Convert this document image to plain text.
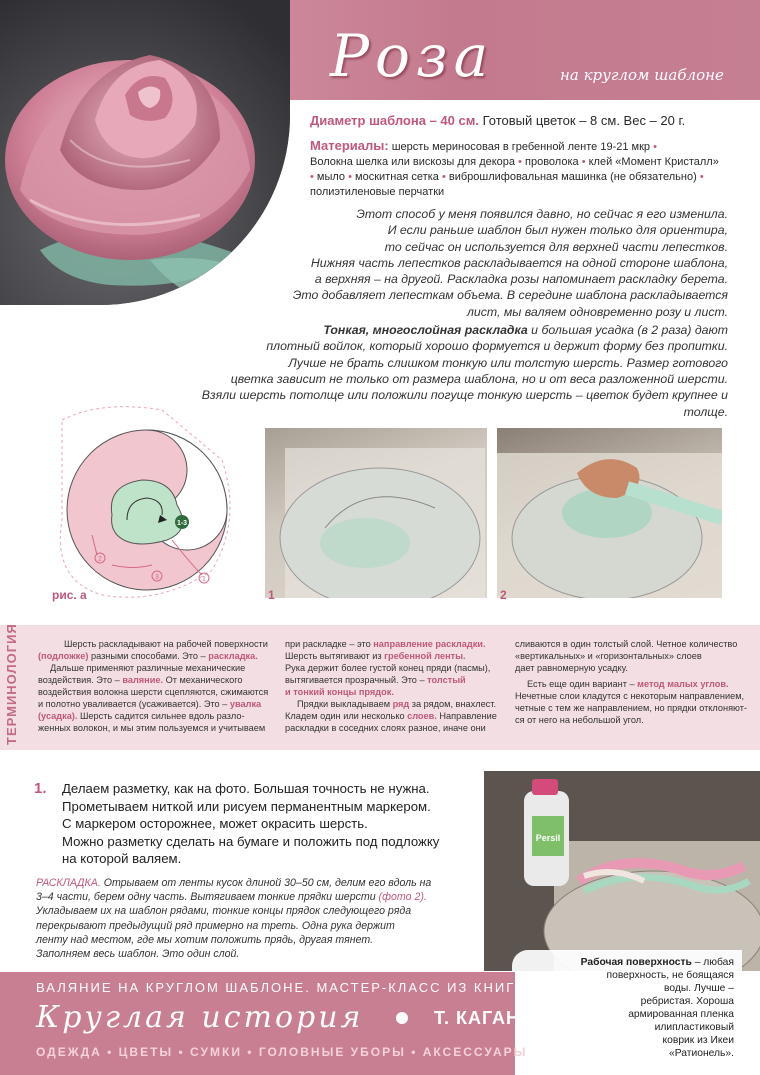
Роза	на круглом шаблоне
Диаметр шаблона – 40 см. Готовый цветок – 8 см. Вес – 20 г.
Материалы: шерсть мериносовая в гребенной ленте 19-21 мкр •
Волокна шелка или вискозы для декора • проволока • клей «Момент Кристалл»
• мыло • москитная сетка • виброшлифовальная машинка (не обязательно) •
полиэтиленовые перчатки

Этот способ у меня появился давно, но сейчас я его изменила.

И если раньше шаблон был нужен только для ориентира,

то сейчас он используется для верхней части лепестков.

Нижняя часть лепестков раскладывается на одной стороне шаблона,

а верхняя – на другой. Раскладка розы напоминает раскладку берета.

Это добавляет лепесткам объема. В середине шаблона раскладывается

лист, мы валяем одновременно розу и лист.

Тонкая, многослойная раскладка и большая усадка (в 2 раза) дают

плотный войлок, который хорошо формуется и держит форму без пропитки.

Лучше не брать слишком тонкую или толстую шерсть. Размер готового

цветка зависит не только от размера шаблона, но и от веса разложенной шерсти.

Взяли шерсть потолще или положили погуще тонкую шерсть – цветок будет крупнее и толще.

1-3
1
3
2
рис. а	1	2
ТЕРМИНОЛОГИЯ	Шерсть раскладывают на рабочей поверхности

(подложке) разными способами. Это – раскладка.

Дальше применяют различные механические

воздействия. Это – валяние. От механического

воздействия волокна шерсти сцепляются, сжимаются

и полотно уваливается (усаживается). Это – увалка

(усадка). Шерсть садится сильнее вдоль разло-

женных волокон, и мы этим пользуемся и учитываем

при раскладке – это направление раскладки.

Шерсть вытягивают из гребенной ленты.

Рука держит более густой конец пряди (пасмы),

вытягивается прозрачный. Это – толстый

и тонкий концы прядок.

Прядки выкладываем ряд за рядом, внахлест.

Кладем один или несколько слоев. Направление

раскладки в соседних слоях разное, иначе они

сливаются в один толстый слой. Четное количество

«вертикальных» и «горизонтальных» слоев

дает равномерную усадку.

Есть еще один вариант – метод малых углов.

Нечетные слои кладутся с некоторым направлением,

четные с тем же направлением, но прядки отклоняют-

ся от него на небольшой угол.

1. Делаем разметку, как на фото. Большая точность не нужна.

Прометываем ниткой или рисуем перманентным маркером.

С маркером осторожнее, может окрасить шерсть.

Можно разметку сделать на бумаге и положить под подложку

на которой валяем.

РАСКЛАДКА. Отрываем от ленты кусок длиной 30–50 см, делим его вдоль на

3–4 части, берем одну часть. Вытягиваем тонкие прядки шерсти (фото 2).

Укладываем их на шаблон рядами, тонкие концы прядок следующего ряда

перекрывают предыдущий ряд примерно на треть. Одна рука держит

ленту над местом, где мы хотим положить прядь, другая тянет.

Заполняем весь шаблон. Это один слой.

Persil
Рабочая поверхность – любая
поверхность, не боящаяся
воды. Лучше –
ребристая. Хороша
армированная пленка
илипластиковый
коврик из Икеи
«Ратионель».
ВАЛЯНИЕ НА КРУГЛОМ ШАБЛОНЕ. МАСТЕР-КЛАСС ИЗ КНИГИ
Круглая история	Т. КАГАН
ОДЕЖДА • ЦВЕТЫ • СУМКИ • ГОЛОВНЫЕ УБОРЫ • АКСЕССУАРЫ
